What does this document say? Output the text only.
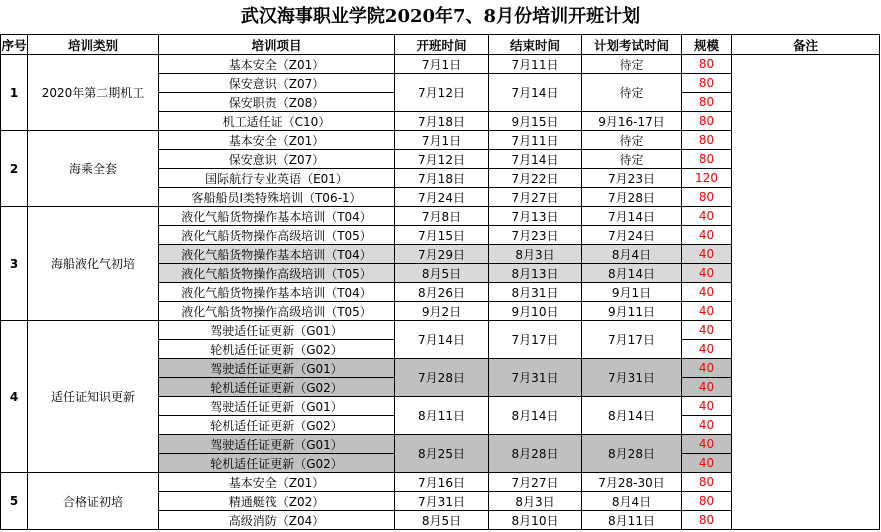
武汉海事职业学院2020年7、8月份培训开班计划
序号	培训类别	培训项目	开班时间	结束时间	计划考试时间	规模	备注
1	2020年第二期机工	基本安全（Z01）	7月1日	7月11日	待定	80	
		保安意识（Z07）	7月12日	7月14日	待定	80	
		保安职责（Z08）				80	
		机工适任证（C10）	7月18日	9月15日	9月16-17日	80	
2	海乘全套	基本安全（Z01）	7月1日	7月11日	待定	80	
		保安意识（Z07）	7月12日	7月14日	待定	80	
		国际航行专业英语（E01）	7月18日	7月22日	7月23日	120	
		客船船员Ⅰ类特殊培训（T06-1）	7月24日	7月27日	7月28日	80	
3	海船液化气初培	液化气船货物操作基本培训（T04）	7月8日	7月13日	7月14日	40	
		液化气船货物操作高级培训（T05）	7月15日	7月23日	7月24日	40	
		液化气船货物操作基本培训（T04）	7月29日	8月3日	8月4日	40	
		液化气船货物操作高级培训（T05）	8月5日	8月13日	8月14日	40	
		液化气船货物操作基本培训（T04）	8月26日	8月31日	9月1日	40	
		液化气船货物操作高级培训（T05）	9月2日	9月10日	9月11日	40	
4	适任证知识更新	驾驶适任证更新（G01）	7月14日	7月17日	7月17日	40	
		轮机适任证更新（G02）				40	
		驾驶适任证更新（G01）	7月28日	7月31日	7月31日	40	
		轮机适任证更新（G02）				40	
		驾驶适任证更新（G01）	8月11日	8月14日	8月14日	40	
		轮机适任证更新（G02）				40	
		驾驶适任证更新（G01）	8月25日	8月28日	8月28日	40	
		轮机适任证更新（G02）				40	
5	合格证初培	基本安全（Z01）	7月16日	7月27日	7月28-30日	80	
		精通艇筏（Z02）	7月31日	8月3日	8月4日	80	
		高级消防（Z04）	8月5日	8月10日	8月11日	80	
